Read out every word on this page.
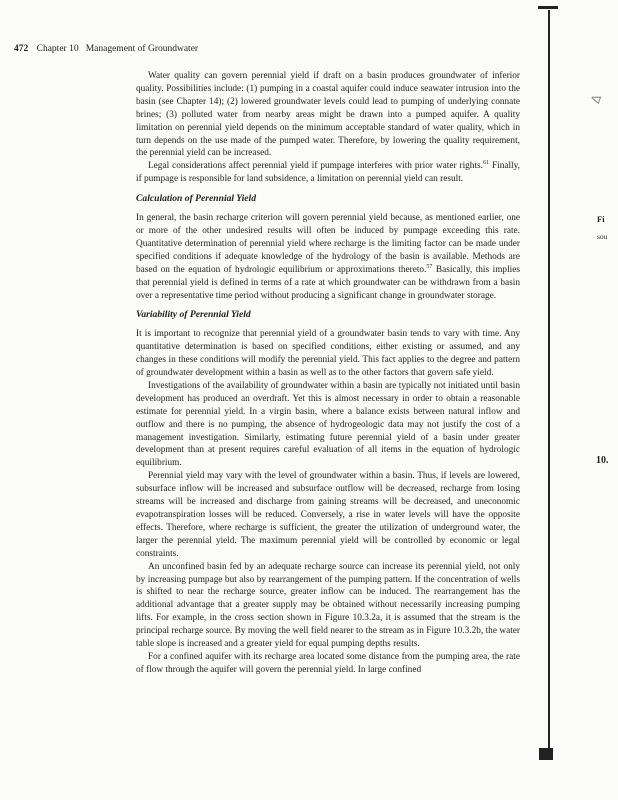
472 Chapter 10 Management of Groundwater

Water quality can govern perennial yield if draft on a basin produces groundwater of inferior quality. Possibilities include: (1) pumping in a coastal aquifer could induce seawater intrusion into the basin (see Chapter 14); (2) lowered groundwater levels could lead to pumping of underlying connate brines; (3) polluted water from nearby areas might be drawn into a pumped aquifer. A quality limitation on perennial yield depends on the minimum acceptable standard of water quality, which in turn depends on the use made of the pumped water. Therefore, by lowering the quality requirement, the perennial yield can be increased.

Legal considerations affect perennial yield if pumpage interferes with prior water rights.$^{61}$ Finally, if pumpage is responsible for land subsidence, a limitation on perennial yield can result.

Calculation of Perennial Yield

In general, the basin recharge criterion will govern perennial yield because, as mentioned earlier, one or more of the other undesired results will often be induced by pumpage exceeding this rate. Quantitative determination of perennial yield where recharge is the limiting factor can be made under specified conditions if adequate knowledge of the hydrology of the basin is available. Methods are based on the equation of hydrologic equilibrium or approximations thereto.$^{57}$ Basically, this implies that perennial yield is defined in terms of a rate at which groundwater can be withdrawn from a basin over a representative time period without producing a significant change in groundwater storage.

Variability of Perennial Yield

It is important to recognize that perennial yield of a groundwater basin tends to vary with time. Any quantitative determination is based on specified conditions, either existing or assumed, and any changes in these conditions will modify the perennial yield. This fact applies to the degree and pattern of groundwater development within a basin as well as to the other factors that govern safe yield.

Investigations of the availability of groundwater within a basin are typically not initiated until basin development has produced an overdraft. Yet this is almost necessary in order to obtain a reasonable estimate for perennial yield. In a virgin basin, where a balance exists between natural inflow and outflow and there is no pumping, the absence of hydrogeologic data may not justify the cost of a management investigation. Similarly, estimating future perennial yield of a basin under greater development than at present requires careful evaluation of all items in the equation of hydrologic equilibrium.

Perennial yield may vary with the level of groundwater within a basin. Thus, if levels are lowered, subsurface inflow will be increased and subsurface outflow will be decreased, recharge from losing streams will be increased and discharge from gaining streams will be decreased, and uneconomic evapotranspiration losses will be reduced. Conversely, a rise in water levels will have the opposite effects. Therefore, where recharge is sufficient, the greater the utilization of underground water, the larger the perennial yield. The maximum perennial yield will be controlled by economic or legal constraints.

An unconfined basin fed by an adequate recharge source can increase its perennial yield, not only by increasing pumpage but also by rearrangement of the pumping pattern. If the concentration of wells is shifted to near the recharge source, greater inflow can be induced. The rearrangement has the additional advantage that a greater supply may be obtained without necessarily increasing pumping lifts. For example, in the cross section shown in Figure 10.3.2a, it is assumed that the stream is the principal recharge source. By moving the well field nearer to the stream as in Figure 10.3.2b, the water table slope is increased and a greater yield for equal pumping depths results.

For a confined aquifer with its recharge area located some distance from the pumping area, the rate of flow through the aquifer will govern the perennial yield. In large confined

Δ
Fi
sou
10.
